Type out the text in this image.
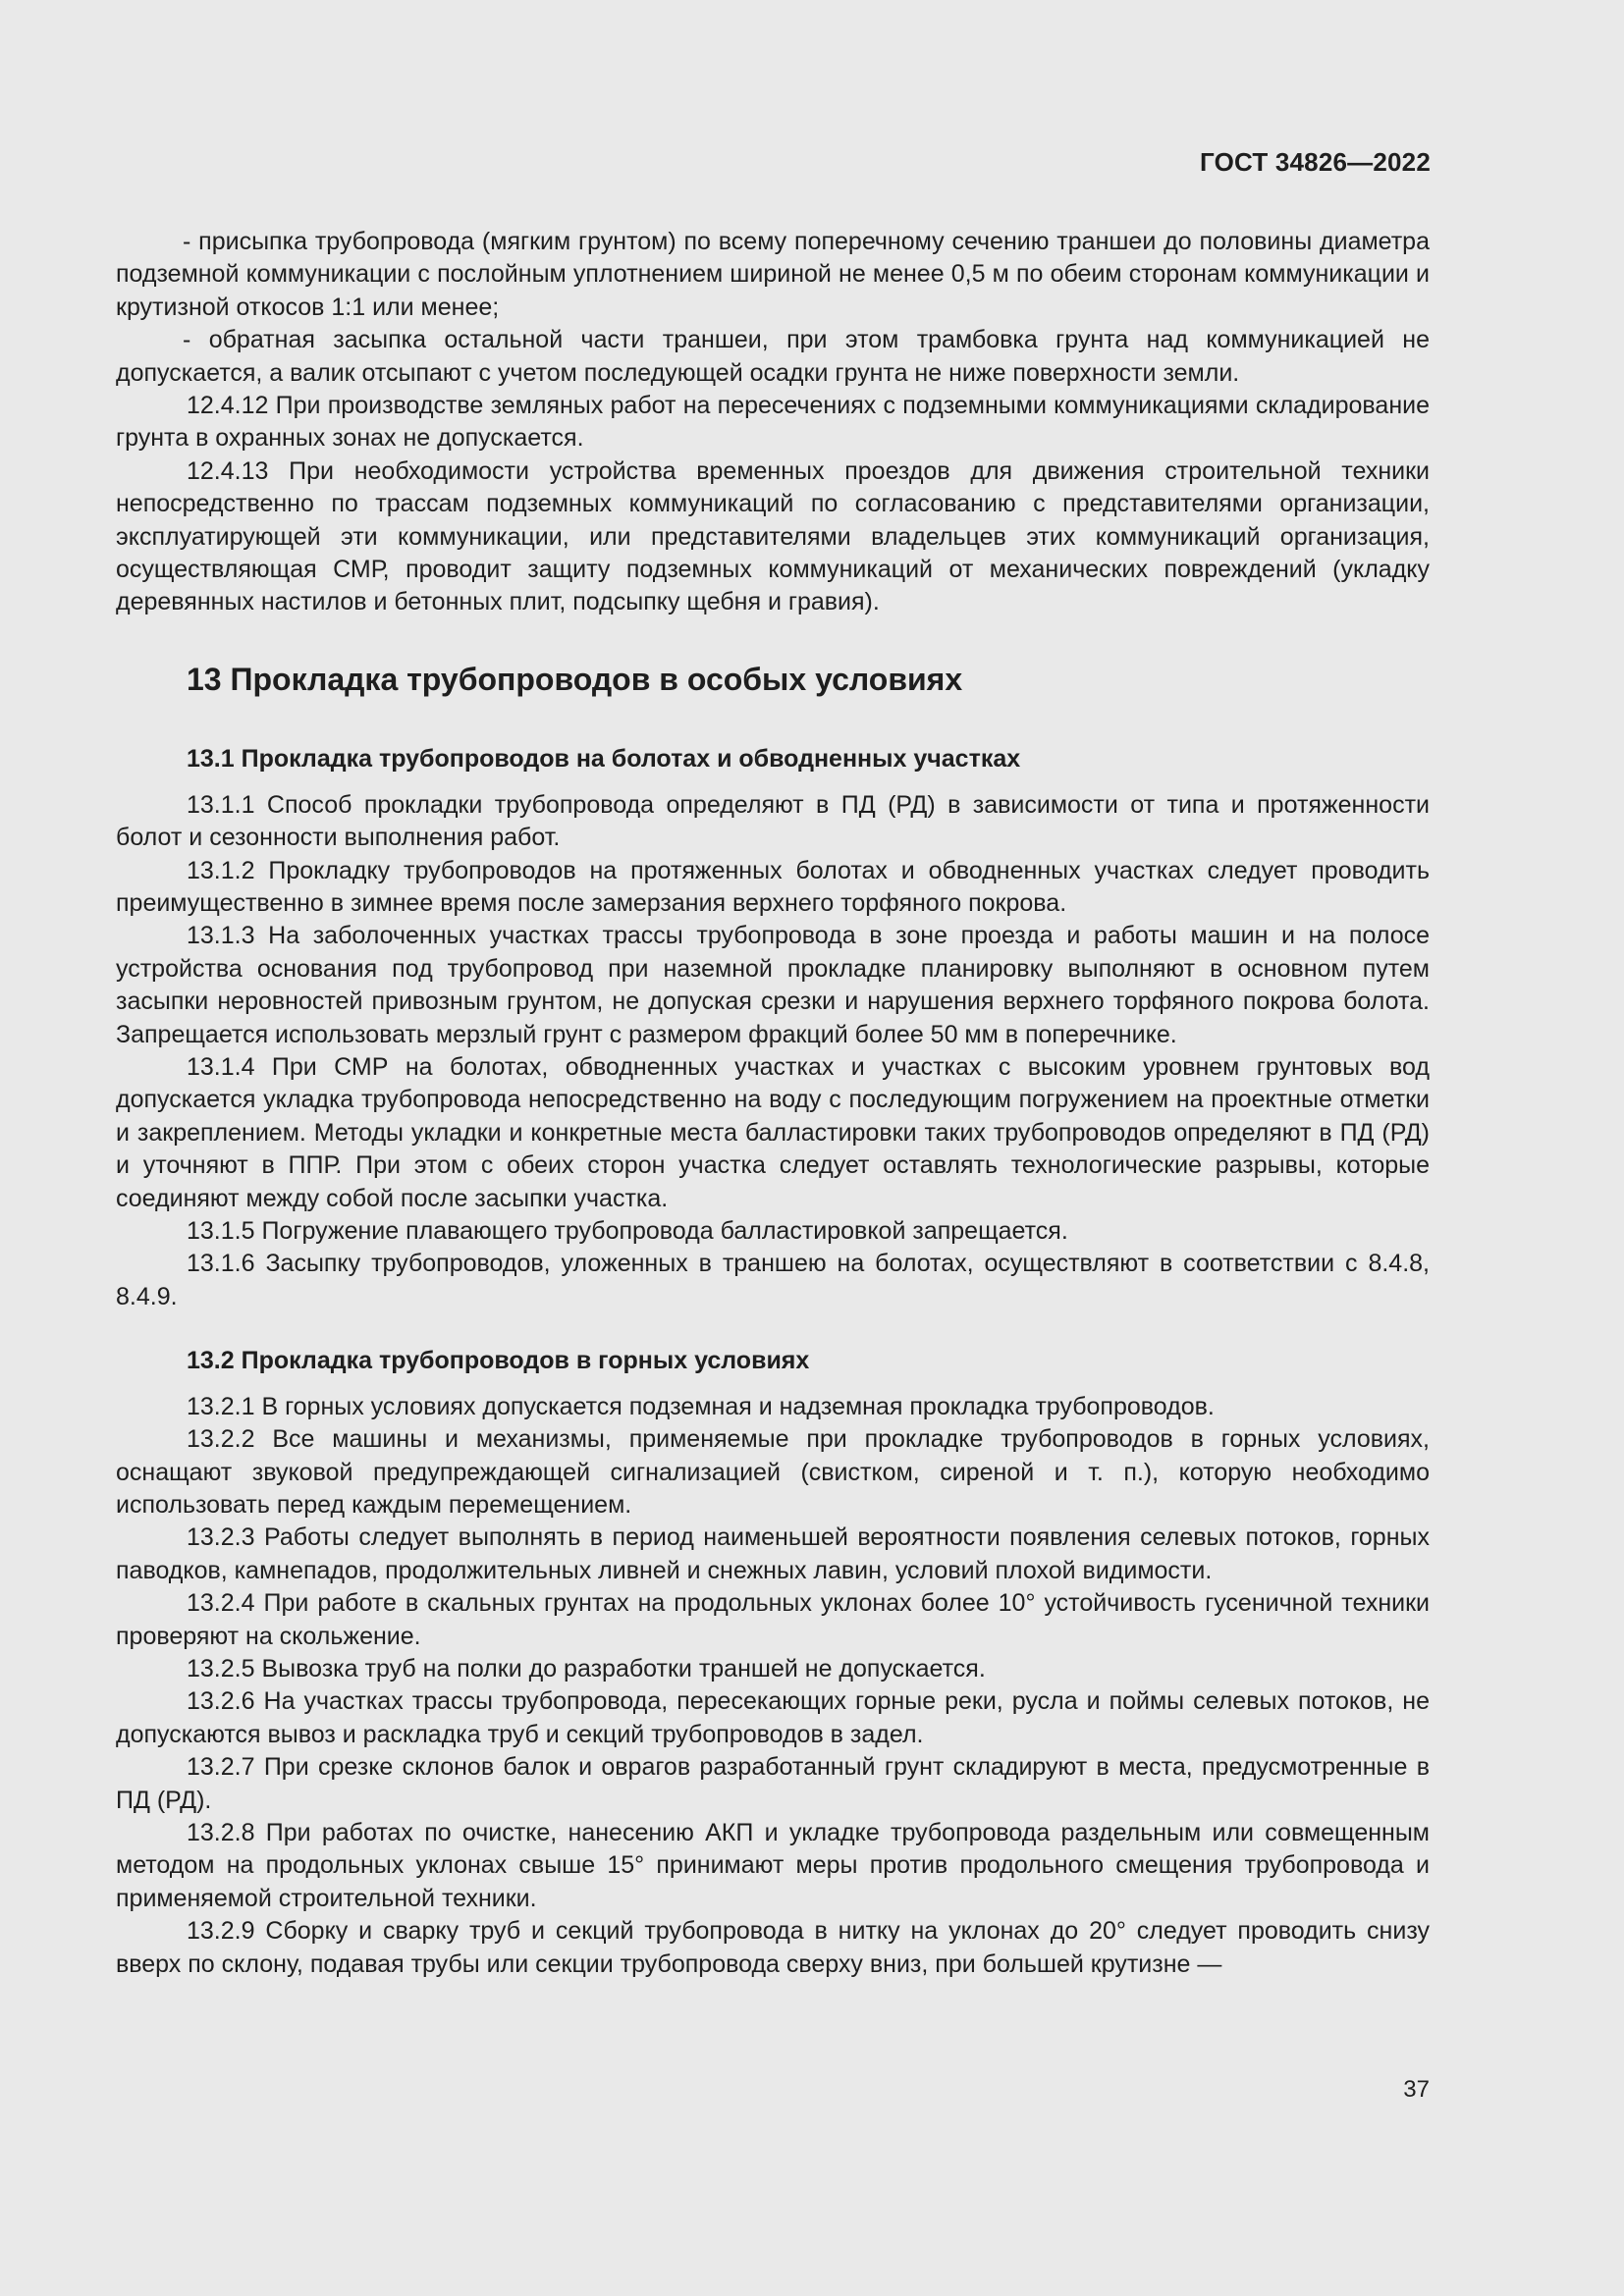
ГОСТ 34826—2022

- присыпка трубопровода (мягким грунтом) по всему поперечному сечению траншеи до половины диаметра подземной коммуникации с послойным уплотнением шириной не менее 0,5 м по обеим сторонам коммуникации и крутизной откосов 1:1 или менее;

- обратная засыпка остальной части траншеи, при этом трамбовка грунта над коммуникацией не допускается, а валик отсыпают с учетом последующей осадки грунта не ниже поверхности земли.

12.4.12 При производстве земляных работ на пересечениях с подземными коммуникациями складирование грунта в охранных зонах не допускается.

12.4.13 При необходимости устройства временных проездов для движения строительной техники непосредственно по трассам подземных коммуникаций по согласованию с представителями организации, эксплуатирующей эти коммуникации, или представителями владельцев этих коммуникаций организация, осуществляющая СМР, проводит защиту подземных коммуникаций от механических повреждений (укладку деревянных настилов и бетонных плит, подсыпку щебня и гравия).

13 Прокладка трубопроводов в особых условиях
13.1 Прокладка трубопроводов на болотах и обводненных участках

13.1.1 Способ прокладки трубопровода определяют в ПД (РД) в зависимости от типа и протяженности болот и сезонности выполнения работ.

13.1.2 Прокладку трубопроводов на протяженных болотах и обводненных участках следует проводить преимущественно в зимнее время после замерзания верхнего торфяного покрова.

13.1.3 На заболоченных участках трассы трубопровода в зоне проезда и работы машин и на полосе устройства основания под трубопровод при наземной прокладке планировку выполняют в основном путем засыпки неровностей привозным грунтом, не допуская срезки и нарушения верхнего торфяного покрова болота. Запрещается использовать мерзлый грунт с размером фракций более 50 мм в поперечнике.

13.1.4 При СМР на болотах, обводненных участках и участках с высоким уровнем грунтовых вод допускается укладка трубопровода непосредственно на воду с последующим погружением на проектные отметки и закреплением. Методы укладки и конкретные места балластировки таких трубопроводов определяют в ПД (РД) и уточняют в ППР. При этом с обеих сторон участка следует оставлять технологические разрывы, которые соединяют между собой после засыпки участка.

13.1.5 Погружение плавающего трубопровода балластировкой запрещается.

13.1.6 Засыпку трубопроводов, уложенных в траншею на болотах, осуществляют в соответствии с 8.4.8, 8.4.9.

13.2 Прокладка трубопроводов в горных условиях

13.2.1 В горных условиях допускается подземная и надземная прокладка трубопроводов.

13.2.2 Все машины и механизмы, применяемые при прокладке трубопроводов в горных условиях, оснащают звуковой предупреждающей сигнализацией (свистком, сиреной и т. п.), которую необходимо использовать перед каждым перемещением.

13.2.3 Работы следует выполнять в период наименьшей вероятности появления селевых потоков, горных паводков, камнепадов, продолжительных ливней и снежных лавин, условий плохой видимости.

13.2.4 При работе в скальных грунтах на продольных уклонах более 10° устойчивость гусеничной техники проверяют на скольжение.

13.2.5 Вывозка труб на полки до разработки траншей не допускается.

13.2.6 На участках трассы трубопровода, пересекающих горные реки, русла и поймы селевых потоков, не допускаются вывоз и раскладка труб и секций трубопроводов в задел.

13.2.7 При срезке склонов балок и оврагов разработанный грунт складируют в места, предусмотренные в ПД (РД).

13.2.8 При работах по очистке, нанесению АКП и укладке трубопровода раздельным или совмещенным методом на продольных уклонах свыше 15° принимают меры против продольного смещения трубопровода и применяемой строительной техники.

13.2.9 Сборку и сварку труб и секций трубопровода в нитку на уклонах до 20° следует проводить снизу вверх по склону, подавая трубы или секции трубопровода сверху вниз, при большей крутизне —

37
